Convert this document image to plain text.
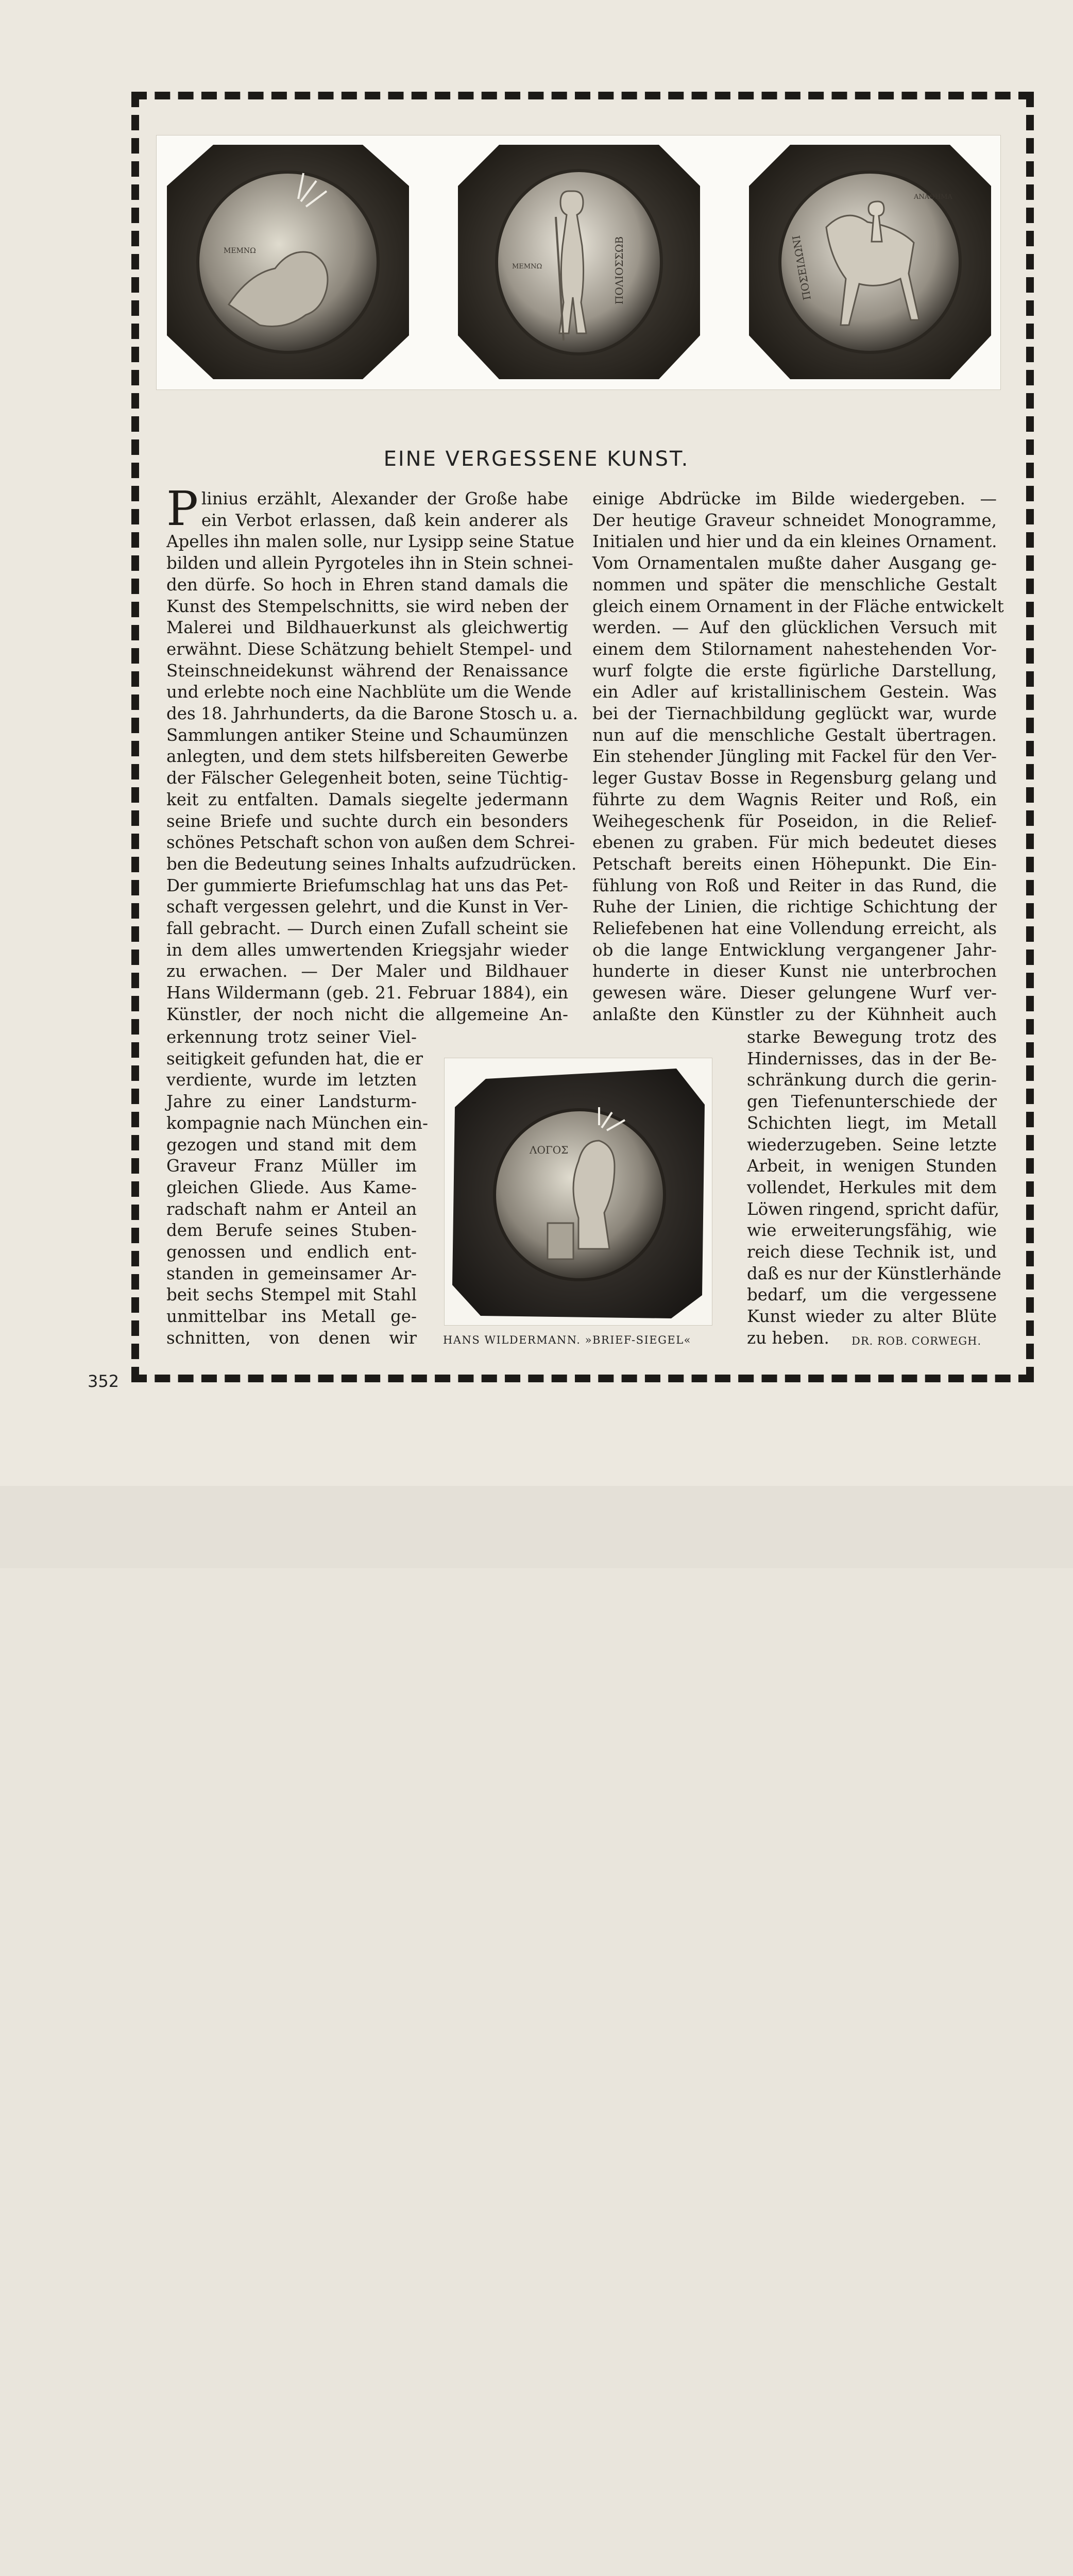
ΜΕΜΝΩ
ΜΕΜΝΩ	ΠΟΛΙΟΣΣΩΒ	ΠΟΣΕΙΔΩΝΙ
ΑΝΑΘΗΜΑ
EINE VERGESSENE KUNST.
P linius erzählt, Alexander der Große habe
ein Verbot erlassen, daß kein anderer als
Apelles ihn malen solle, nur Lysipp seine Statue
bilden und allein Pyrgoteles ihn in Stein schnei-
den dürfe. So hoch in Ehren stand damals die
Kunst des Stempelschnitts, sie wird neben der
Malerei und Bildhauerkunst als gleichwertig
erwähnt. Diese Schätzung behielt Stempel- und
Steinschneidekunst während der Renaissance
und erlebte noch eine Nachblüte um die Wende
des 18. Jahrhunderts, da die Barone Stosch u. a.
Sammlungen antiker Steine und Schaumünzen
anlegten, und dem stets hilfsbereiten Gewerbe
der Fälscher Gelegenheit boten, seine Tüchtig-
keit zu entfalten. Damals siegelte jedermann
seine Briefe und suchte durch ein besonders
schönes Petschaft schon von außen dem Schrei-
ben die Bedeutung seines Inhalts aufzudrücken.
Der gummierte Briefumschlag hat uns das Pet-
schaft vergessen gelehrt, und die Kunst in Ver-
fall gebracht. — Durch einen Zufall scheint sie
in dem alles umwertenden Kriegsjahr wieder
zu erwachen. — Der Maler und Bildhauer
Hans Wildermann (geb. 21. Februar 1884), ein
Künstler, der noch nicht die allgemeine An-
erkennung trotz seiner Viel-
seitigkeit gefunden hat, die er
verdiente, wurde im letzten
Jahre zu einer Landsturm-
kompagnie nach München ein-
gezogen und stand mit dem
Graveur Franz Müller im
gleichen Gliede. Aus Kame-
radschaft nahm er Anteil an
dem Berufe seines Stuben-
genossen und endlich ent-
standen in gemeinsamer Ar-
beit sechs Stempel mit Stahl
unmittelbar ins Metall ge-
schnitten, von denen wir
einige Abdrücke im Bilde wiedergeben. —
Der heutige Graveur schneidet Monogramme,
Initialen und hier und da ein kleines Ornament.
Vom Ornamentalen mußte daher Ausgang ge-
nommen und später die menschliche Gestalt
gleich einem Ornament in der Fläche entwickelt
werden. — Auf den glücklichen Versuch mit
einem dem Stilornament nahestehenden Vor-
wurf folgte die erste figürliche Darstellung,
ein Adler auf kristallinischem Gestein. Was
bei der Tiernachbildung geglückt war, wurde
nun auf die menschliche Gestalt übertragen.
Ein stehender Jüngling mit Fackel für den Ver-
leger Gustav Bosse in Regensburg gelang und
führte zu dem Wagnis Reiter und Roß, ein
Weihegeschenk für Poseidon, in die Relief-
ebenen zu graben. Für mich bedeutet dieses
Petschaft bereits einen Höhepunkt. Die Ein-
fühlung von Roß und Reiter in das Rund, die
Ruhe der Linien, die richtige Schichtung der
Reliefebenen hat eine Vollendung erreicht, als
ob die lange Entwicklung vergangener Jahr-
hunderte in dieser Kunst nie unterbrochen
gewesen wäre. Dieser gelungene Wurf ver-
anlaßte den Künstler zu der Kühnheit auch
starke Bewegung trotz des
Hindernisses, das in der Be-
schränkung durch die gerin-
gen Tiefenunterschiede der
Schichten liegt, im Metall
wiederzugeben. Seine letzte
Arbeit, in wenigen Stunden
vollendet, Herkules mit dem
Löwen ringend, spricht dafür,
wie erweiterungsfähig, wie
reich diese Technik ist, und
daß es nur der Künstlerhände
bedarf, um die vergessene
Kunst wieder zu alter Blüte
zu heben.
ΛΟΓΟΣ
HANS WILDERMANN. »BRIEF-SIEGEL«	DR. ROB. CORWEGH.
352
